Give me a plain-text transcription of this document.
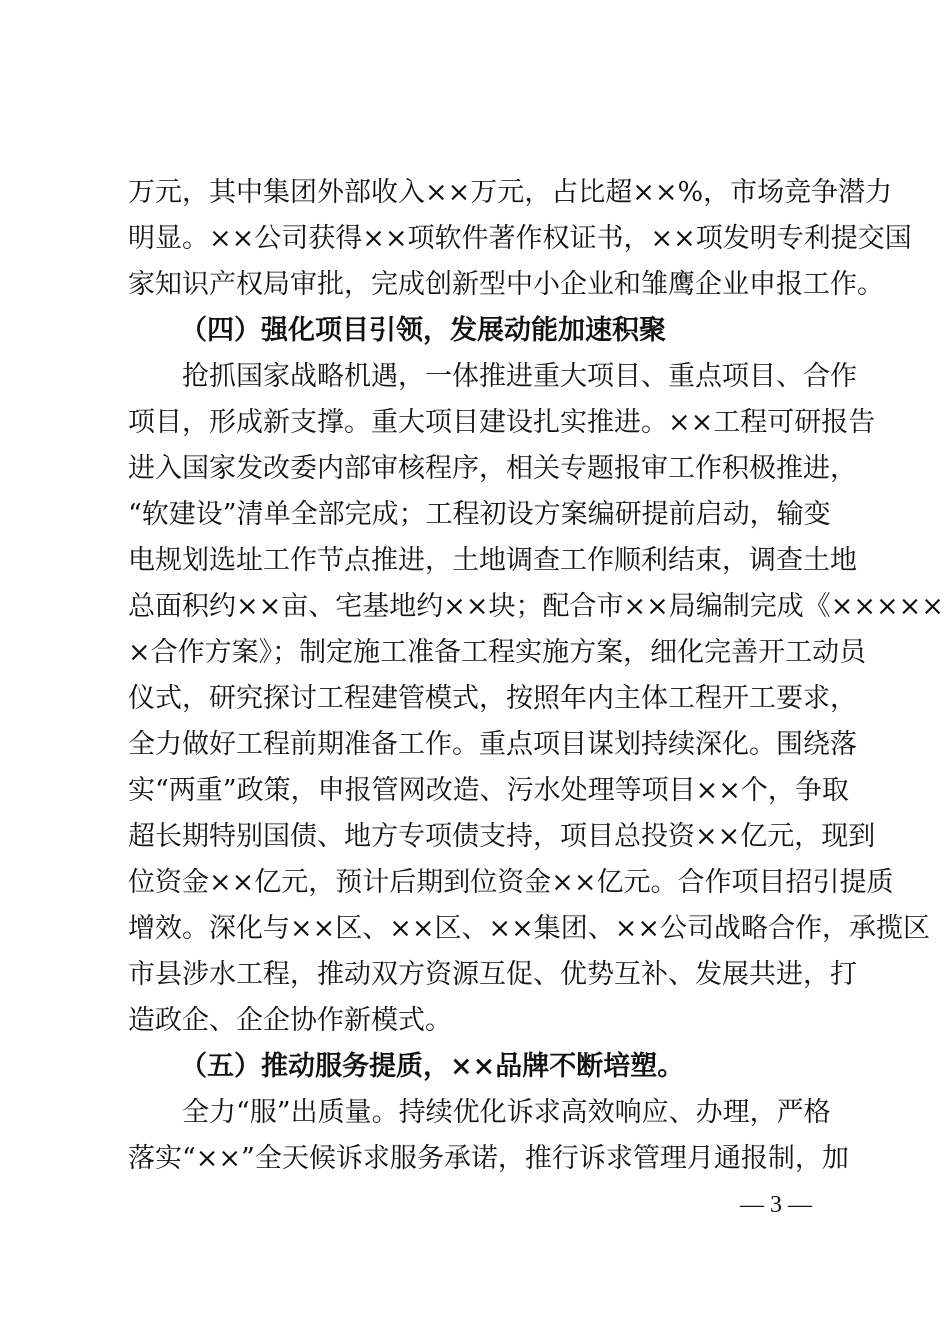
万元，其中集团外部收入××万元，占比超××%，市场竞争潜力
明显。××公司获得××项软件著作权证书，××项发明专利提交国
家知识产权局审批，完成创新型中小企业和雏鹰企业申报工作。
（四）强化项目引领，发展动能加速积聚
抢抓国家战略机遇，一体推进重大项目、重点项目、合作
项目，形成新支撑。重大项目建设扎实推进。××工程可研报告
进入国家发改委内部审核程序，相关专题报审工作积极推进，
“软建设”清单全部完成；工程初设方案编研提前启动，输变
电规划选址工作节点推进，土地调查工作顺利结束，调查土地
总面积约××亩、宅基地约××块；配合市××局编制完成《×××××
×合作方案》；制定施工准备工程实施方案，细化完善开工动员
仪式，研究探讨工程建管模式，按照年内主体工程开工要求，
全力做好工程前期准备工作。重点项目谋划持续深化。围绕落
实“两重”政策，申报管网改造、污水处理等项目××个，争取
超长期特别国债、地方专项债支持，项目总投资××亿元，现到
位资金××亿元，预计后期到位资金××亿元。合作项目招引提质
增效。深化与××区、××区、××集团、××公司战略合作，承揽区
市县涉水工程，推动双方资源互促、优势互补、发展共进，打
造政企、企企协作新模式。
（五）推动服务提质，××品牌不断培塑。
全力“服”出质量。持续优化诉求高效响应、办理，严格
落实“××”全天候诉求服务承诺，推行诉求管理月通报制，加
— 3 —
